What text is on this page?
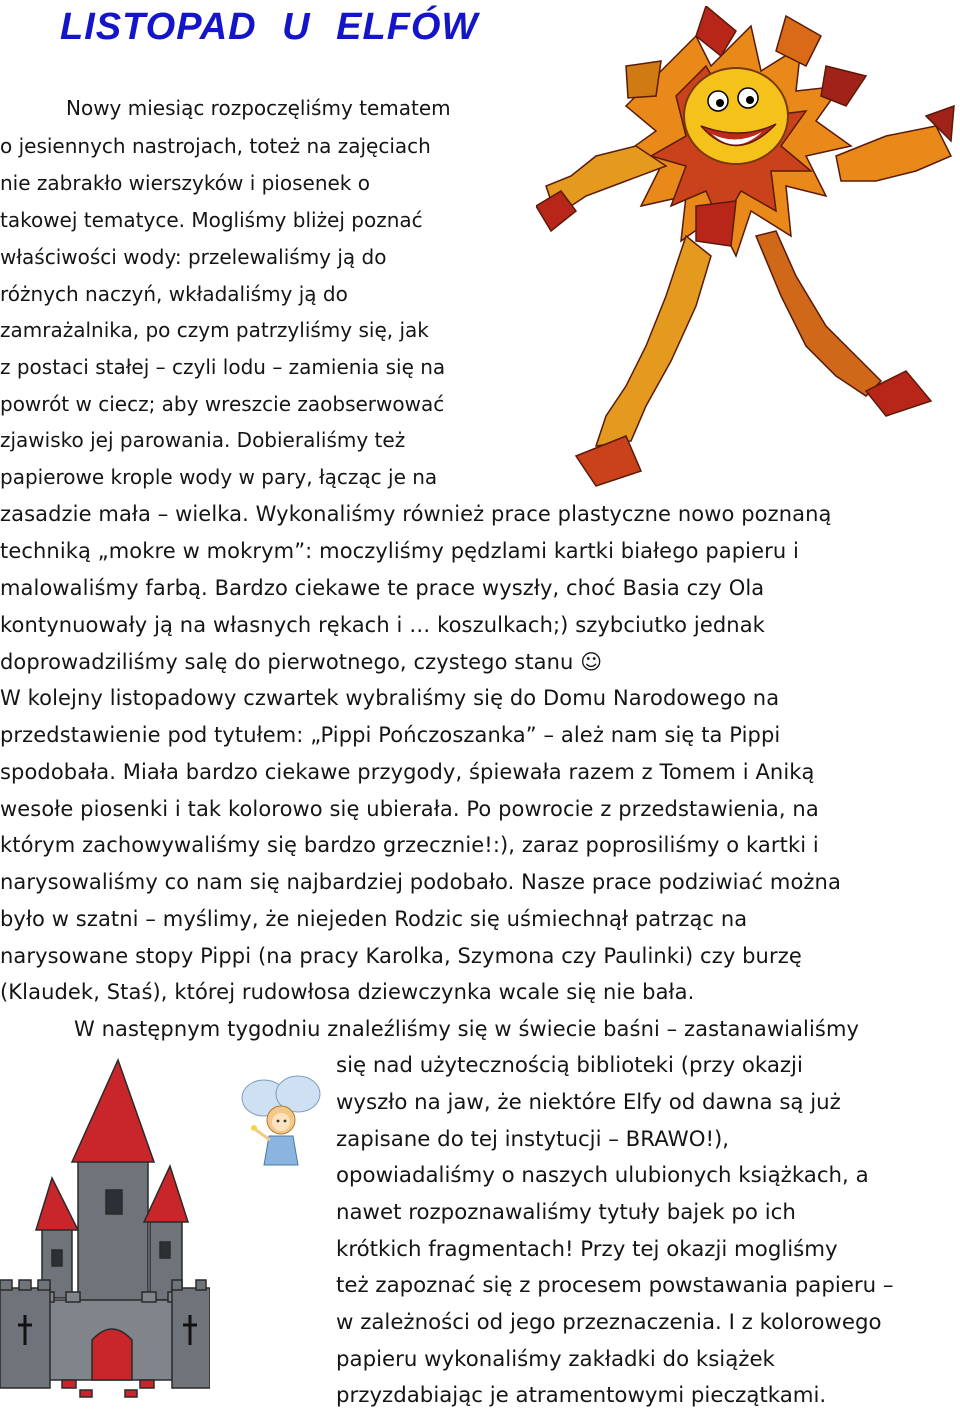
LISTOPAD U ELFÓW

Nowy miesiąc rozpoczęliśmy tematem

o jesiennych nastrojach, toteż na zajęciach

nie zabrakło wierszyków i piosenek o

takowej tematyce. Mogliśmy bliżej poznać

właściwości wody: przelewaliśmy ją do

różnych naczyń, wkładaliśmy ją do

zamrażalnika, po czym patrzyliśmy się, jak

z postaci stałej – czyli lodu – zamienia się na

powrót w ciecz; aby wreszcie zaobserwować

zjawisko jej parowania. Dobieraliśmy też

papierowe krople wody w pary, łącząc je na

zasadzie mała – wielka. Wykonaliśmy również prace plastyczne nowo poznaną

techniką „mokre w mokrym”: moczyliśmy pędzlami kartki białego papieru i

malowaliśmy farbą. Bardzo ciekawe te prace wyszły, choć Basia czy Ola

kontynuowały ją na własnych rękach i … koszulkach;) szybciutko jednak

doprowadziliśmy salę do pierwotnego, czystego stanu ☺

W kolejny listopadowy czwartek wybraliśmy się do Domu Narodowego na

przedstawienie pod tytułem: „Pippi Pończoszanka” – ależ nam się ta Pippi

spodobała. Miała bardzo ciekawe przygody, śpiewała razem z Tomem i Aniką

wesołe piosenki i tak kolorowo się ubierała. Po powrocie z przedstawienia, na

którym zachowywaliśmy się bardzo grzecznie!:), zaraz poprosiliśmy o kartki i

narysowaliśmy co nam się najbardziej podobało. Nasze prace podziwiać można

było w szatni – myślimy, że niejeden Rodzic się uśmiechnął patrząc na

narysowane stopy Pippi (na pracy Karolka, Szymona czy Paulinki) czy burzę

(Klaudek, Staś), której rudowłosa dziewczynka wcale się nie bała.

W następnym tygodniu znaleźliśmy się w świecie baśni – zastanawialiśmy

się nad użytecznością biblioteki (przy okazji

wyszło na jaw, że niektóre Elfy od dawna są już

zapisane do tej instytucji – BRAWO!),

opowiadaliśmy o naszych ulubionych książkach, a

nawet rozpoznawaliśmy tytuły bajek po ich

krótkich fragmentach! Przy tej okazji mogliśmy

też zapoznać się z procesem powstawania papieru –

w zależności od jego przeznaczenia. I z kolorowego

papieru wykonaliśmy zakładki do książek

przyzdabiając je atramentowymi pieczątkami.
